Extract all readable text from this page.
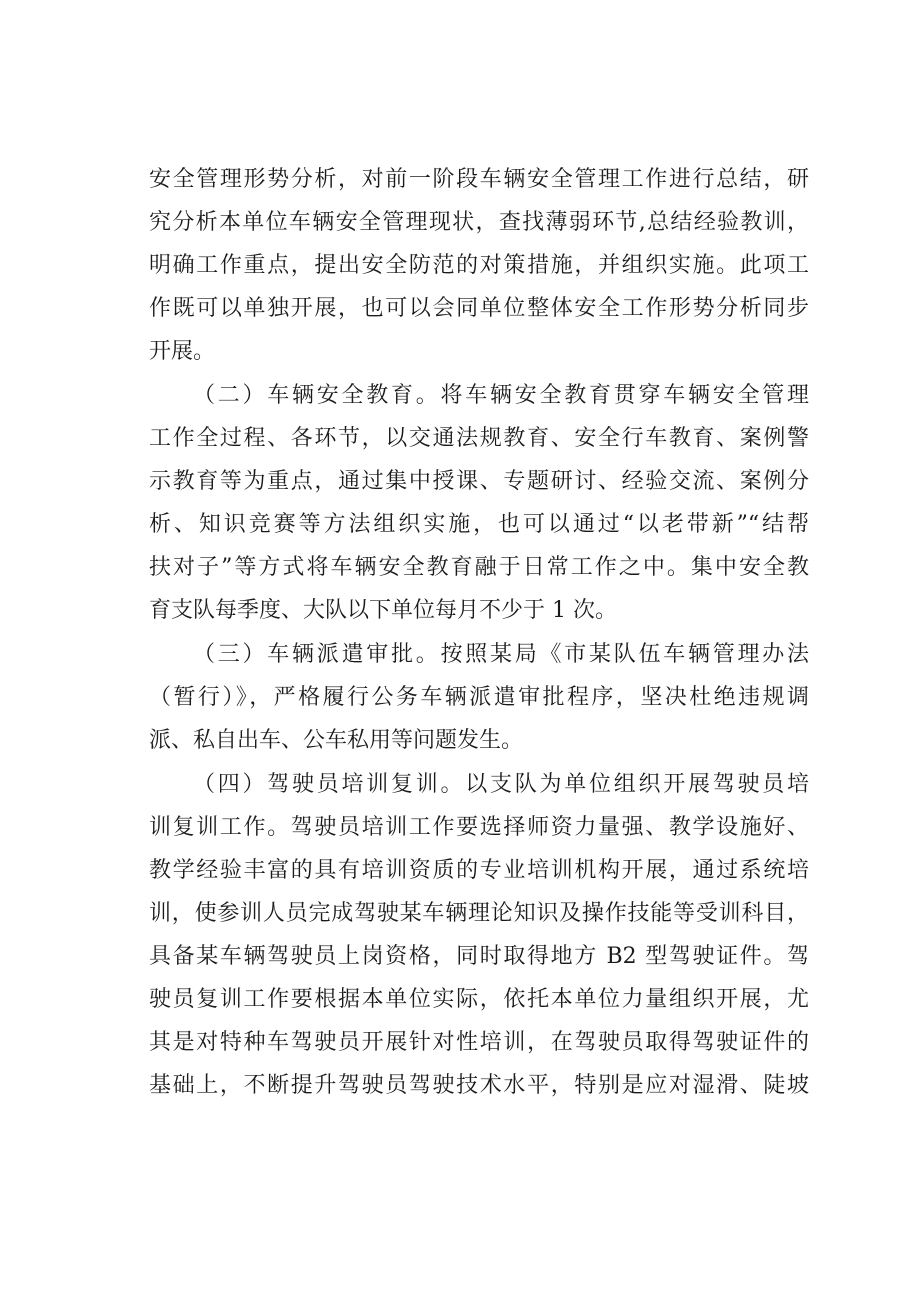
安全管理形势分析，对前一阶段车辆安全管理工作进行总结，研
究分析本单位车辆安全管理现状，查找薄弱环节,总结经验教训，
明确工作重点，提出安全防范的对策措施，并组织实施。此项工
作既可以单独开展，也可以会同单位整体安全工作形势分析同步
开展。
（二）车辆安全教育。将车辆安全教育贯穿车辆安全管理
工作全过程、各环节，以交通法规教育、安全行车教育、案例警
示教育等为重点，通过集中授课、专题研讨、经验交流、案例分
析、知识竞赛等方法组织实施，也可以通过“以老带新”“结帮
扶对子”等方式将车辆安全教育融于日常工作之中。集中安全教
育支队每季度、大队以下单位每月不少于 1 次。
（三）车辆派遣审批。按照某局《市某队伍车辆管理办法
（暂行）》，严格履行公务车辆派遣审批程序，坚决杜绝违规调
派、私自出车、公车私用等问题发生。
（四）驾驶员培训复训。以支队为单位组织开展驾驶员培
训复训工作。驾驶员培训工作要选择师资力量强、教学设施好、
教学经验丰富的具有培训资质的专业培训机构开展，通过系统培
训，使参训人员完成驾驶某车辆理论知识及操作技能等受训科目，
具备某车辆驾驶员上岗资格，同时取得地方 B2 型驾驶证件。驾
驶员复训工作要根据本单位实际，依托本单位力量组织开展，尤
其是对特种车驾驶员开展针对性培训，在驾驶员取得驾驶证件的
基础上，不断提升驾驶员驾驶技术水平，特别是应对湿滑、陡坡
